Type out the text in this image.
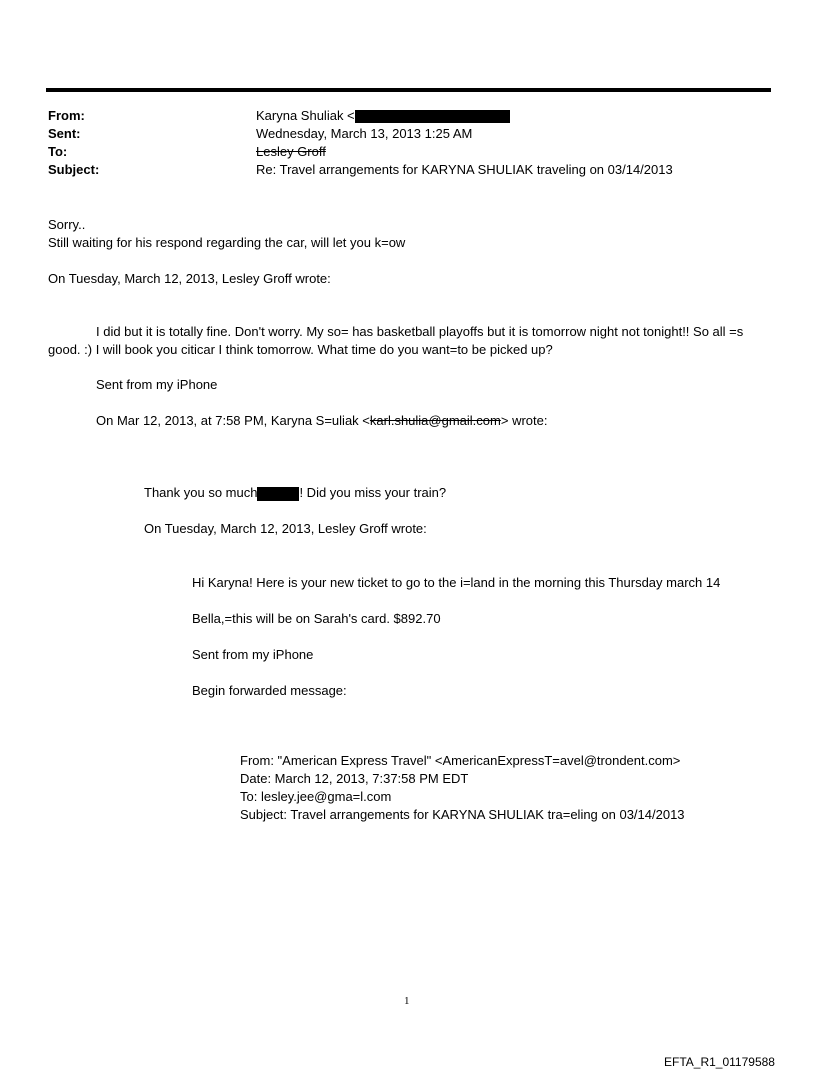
From:	Karyna Shuliak <
Sent:	Wednesday, March 13, 2013 1:25 AM
To:	Lesley Groff
Subject:	Re: Travel arrangements for KARYNA SHULIAK traveling on 03/14/2013
Sorry..
Still waiting for his respond regarding the car, will let you k=ow
On Tuesday, March 12, 2013, Lesley Groff wrote:
I did but it is totally fine. Don't worry. My so= has basketball playoffs but it is tomorrow night not tonight!! So all =s good. :) I will book you citicar I think tomorrow. What time do you want=to be picked up?
Sent from my iPhone
On Mar 12, 2013, at 7:58 PM, Karyna S=uliak <karl.shulia@gmail.com> wrote:
Thank you so much	! Did you miss your train?
On Tuesday, March 12, 2013, Lesley Groff wrote:
Hi Karyna! Here is your new ticket to go to the i=land in the morning this Thursday march 14
Bella,=this will be on Sarah's card. $892.70
Sent from my iPhone
Begin forwarded message:
From: "American Express Travel" <AmericanExpressT=avel@trondent.com>
Date: March 12, 2013, 7:37:58 PM EDT
To: lesley.jee@gma=l.com
Subject: Travel arrangements for KARYNA SHULIAK tra=eling on 03/14/2013
1
EFTA_R1_01179588
